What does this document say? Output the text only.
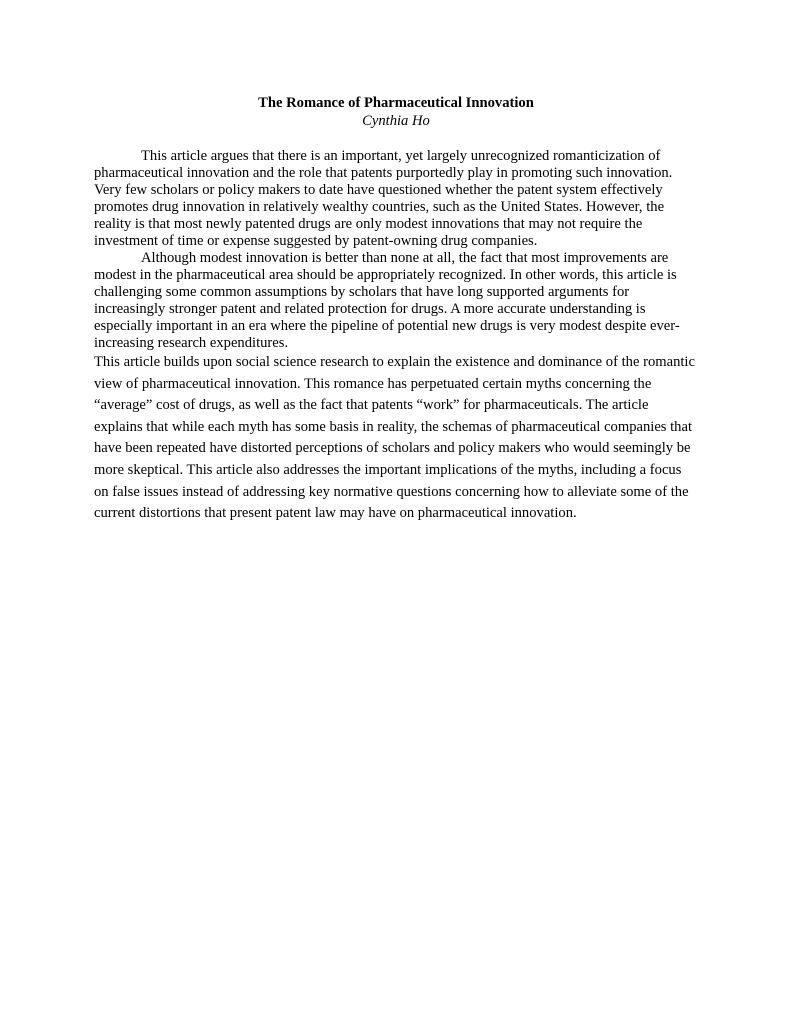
The Romance of Pharmaceutical Innovation

Cynthia Ho

This article argues that there is an important, yet largely unrecognized romanticization of pharmaceutical innovation and the role that patents purportedly play in promoting such innovation. Very few scholars or policy makers to date have questioned whether the patent system effectively promotes drug innovation in relatively wealthy countries, such as the United States. However, the reality is that most newly patented drugs are only modest innovations that may not require the investment of time or expense suggested by patent-owning drug companies.

Although modest innovation is better than none at all, the fact that most improvements are modest in the pharmaceutical area should be appropriately recognized. In other words, this article is challenging some common assumptions by scholars that have long supported arguments for increasingly stronger patent and related protection for drugs. A more accurate understanding is especially important in an era where the pipeline of potential new drugs is very modest despite ever-increasing research expenditures.

This article builds upon social science research to explain the existence and dominance of the romantic view of pharmaceutical innovation. This romance has perpetuated certain myths concerning the “average” cost of drugs, as well as the fact that patents “work” for pharmaceuticals. The article explains that while each myth has some basis in reality, the schemas of pharmaceutical companies that have been repeated have distorted perceptions of scholars and policy makers who would seemingly be more skeptical. This article also addresses the important implications of the myths, including a focus on false issues instead of addressing key normative questions concerning how to alleviate some of the current distortions that present patent law may have on pharmaceutical innovation.
